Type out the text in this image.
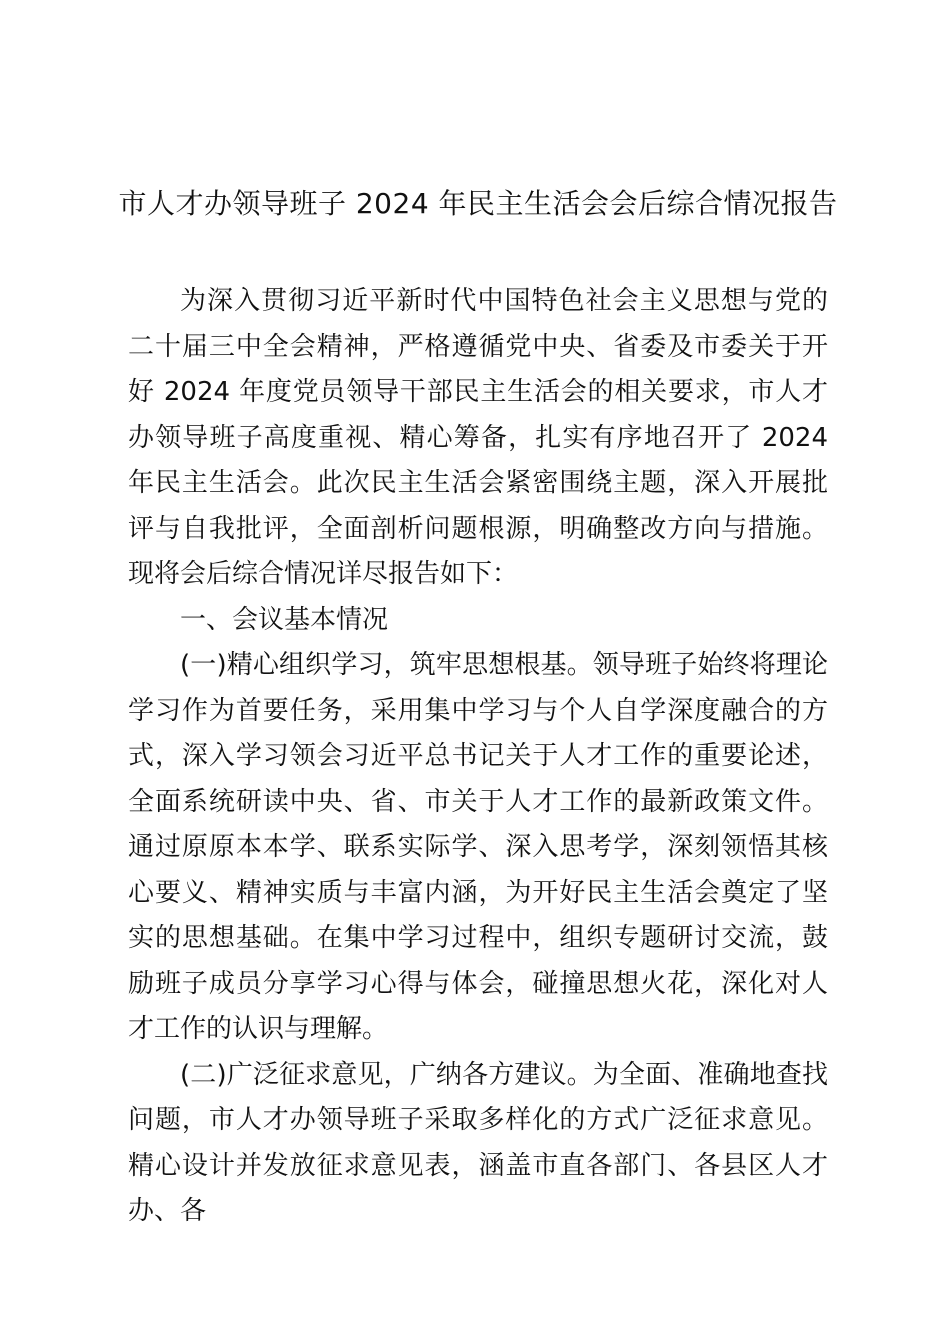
市人才办领导班子 2024 年民主生活会会后综合情况报告

为深入贯彻习近平新时代中国特色社会主义思想与党的二十届三中全会精神，严格遵循党中央、省委及市委关于开好 2024 年度党员领导干部民主生活会的相关要求，市人才办领导班子高度重视、精心筹备，扎实有序地召开了 2024 年民主生活会。此次民主生活会紧密围绕主题，深入开展批评与自我批评，全面剖析问题根源，明确整改方向与措施。现将会后综合情况详尽报告如下：

一、会议基本情况

(一)精心组织学习，筑牢思想根基。领导班子始终将理论学习作为首要任务，采用集中学习与个人自学深度融合的方式，深入学习领会习近平总书记关于人才工作的重要论述，全面系统研读中央、省、市关于人才工作的最新政策文件。通过原原本本学、联系实际学、深入思考学，深刻领悟其核心要义、精神实质与丰富内涵，为开好民主生活会奠定了坚实的思想基础。在集中学习过程中，组织专题研讨交流，鼓励班子成员分享学习心得与体会，碰撞思想火花，深化对人才工作的认识与理解。

(二)广泛征求意见，广纳各方建议。为全面、准确地查找问题，市人才办领导班子采取多样化的方式广泛征求意见。精心设计并发放征求意见表，涵盖市直各部门、各县区人才办、各
